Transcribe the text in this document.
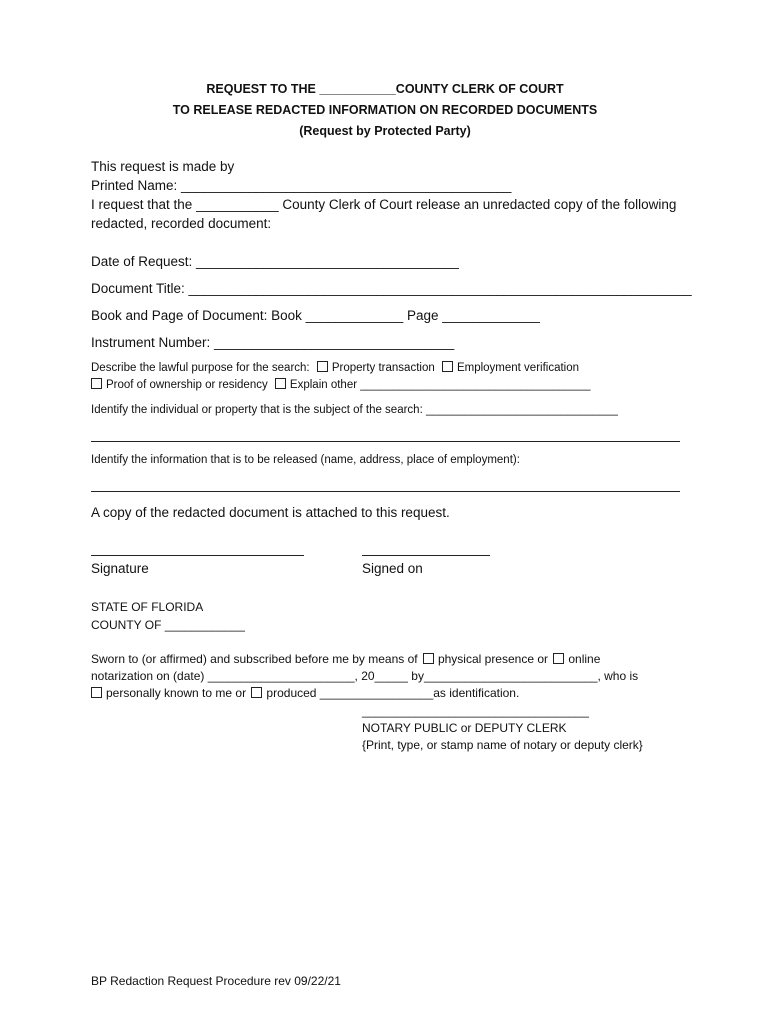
REQUEST TO THE ___________COUNTY CLERK OF COURT
TO RELEASE REDACTED INFORMATION ON RECORDED DOCUMENTS
(Request by Protected Party)
This request is made by
Printed Name: ____________________________________________
I request that the ___________ County Clerk of Court release an unredacted copy of the following
redacted, recorded document:
Date of Request: ___________________________________
Document Title: ___________________________________________________________________
Book and Page of Document: Book _____________ Page _____________
Instrument Number: ________________________________
Describe the lawful purpose for the search: Property transaction Employment verification
Proof of ownership or residency Explain other ____________________________________
Identify the individual or property that is the subject of the search: ______________________________
Identify the information that is to be released (name, address, place of employment):
A copy of the redacted document is attached to this request.
Signature	Signed on
STATE OF FLORIDA
COUNTY OF ____________
Sworn to (or affirmed) and subscribed before me by means of physical presence or online
notarization on (date) ______________________, 20_____ by__________________________, who is
personally known to me or produced _________________as identification.
__________________________________
NOTARY PUBLIC or DEPUTY CLERK
{Print, type, or stamp name of notary or deputy clerk}
BP Redaction Request Procedure rev 09/22/21
